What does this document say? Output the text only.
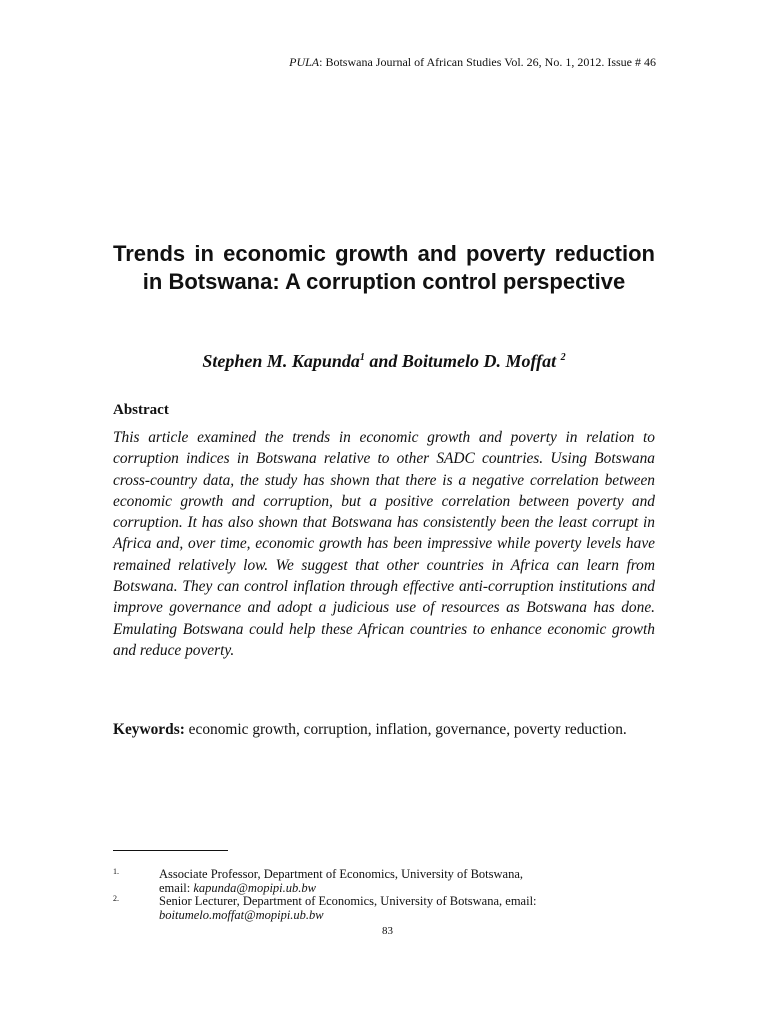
PULA: Botswana Journal of African Studies Vol. 26, No. 1, 2012. Issue # 46
Trends in economic growth and poverty reduction in Botswana: A corruption control perspective
Stephen M. Kapunda$^1$ and Boitumelo D. Moffat $^2$
Abstract

This article examined the trends in economic growth and poverty in relation to corruption indices in Botswana relative to other SADC countries. Using Botswana cross-country data, the study has shown that there is a negative correlation between economic growth and corruption, but a positive correlation between poverty and corruption. It has also shown that Botswana has consistently been the least corrupt in Africa and, over time, economic growth has been impressive while poverty levels have remained relatively low. We suggest that other countries in Africa can learn from Botswana. They can control inflation through effective anti-corruption institutions and improve governance and adopt a judicious use of resources as Botswana has done. Emulating Botswana could help these African countries to enhance economic growth and reduce poverty.

Keywords: economic growth, corruption, inflation, governance, poverty reduction.

1.	Associate Professor, Department of Economics, University of Botswana,
email: kapunda@mopipi.ub.bw
2.	Senior Lecturer, Department of Economics, University of Botswana, email:
boitumelo.moffat@mopipi.ub.bw
83
